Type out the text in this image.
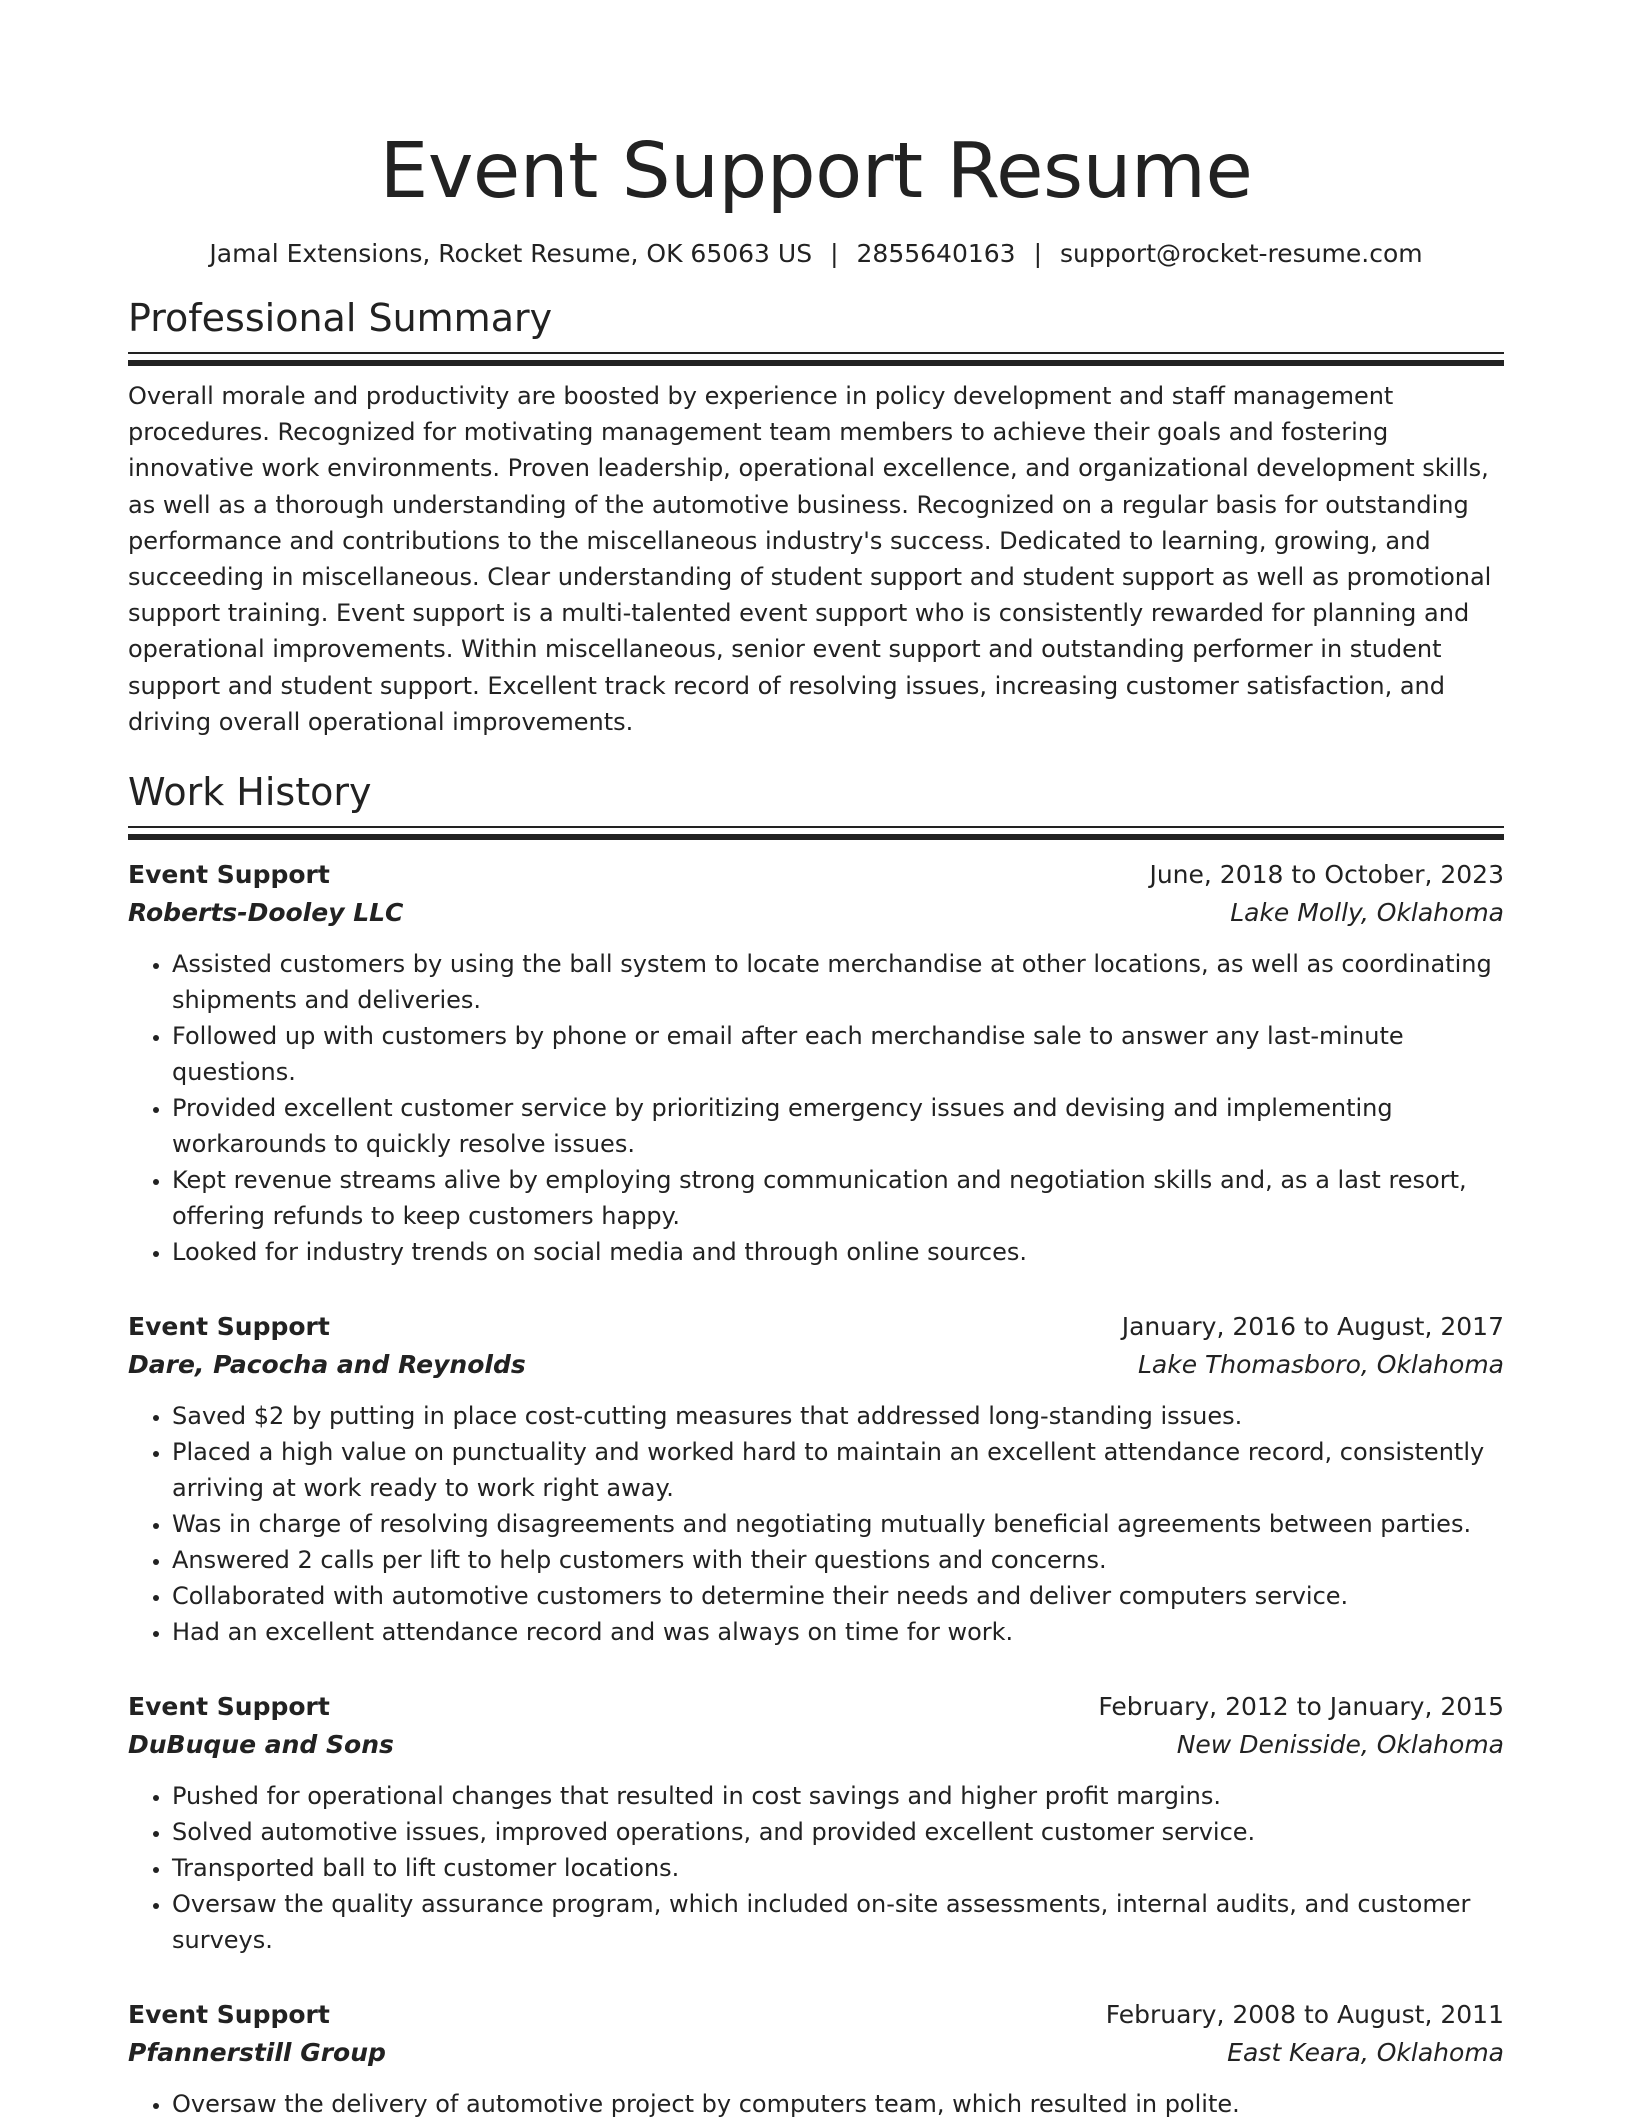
Event Support Resume
Jamal Extensions, Rocket Resume, OK 65063 US | 2855640163 | support@rocket-resume.com
Professional Summary

Overall morale and productivity are boosted by experience in policy development and staff management procedures. Recognized for motivating management team members to achieve their goals and fostering innovative work environments. Proven leadership, operational excellence, and organizational development skills, as well as a thorough understanding of the automotive business. Recognized on a regular basis for outstanding performance and contributions to the miscellaneous industry's success. Dedicated to learning, growing, and succeeding in miscellaneous. Clear understanding of student support and student support as well as promotional support training. Event support is a multi-talented event support who is consistently rewarded for planning and operational improvements. Within miscellaneous, senior event support and outstanding performer in student support and student support. Excellent track record of resolving issues, increasing customer satisfaction, and driving overall operational improvements.

Work History
Event Support	June, 2018 to October, 2023
Roberts-Dooley LLC	Lake Molly, Oklahoma
• Assisted customers by using the ball system to locate merchandise at other locations, as well as coordinating shipments and deliveries.
• Followed up with customers by phone or email after each merchandise sale to answer any last-minute questions.
• Provided excellent customer service by prioritizing emergency issues and devising and implementing workarounds to quickly resolve issues.
• Kept revenue streams alive by employing strong communication and negotiation skills and, as a last resort, offering refunds to keep customers happy.
• Looked for industry trends on social media and through online sources.
Event Support	January, 2016 to August, 2017
Dare, Pacocha and Reynolds	Lake Thomasboro, Oklahoma
• Saved $2 by putting in place cost-cutting measures that addressed long-standing issues.
• Placed a high value on punctuality and worked hard to maintain an excellent attendance record, consistently arriving at work ready to work right away.
• Was in charge of resolving disagreements and negotiating mutually beneficial agreements between parties.
• Answered 2 calls per lift to help customers with their questions and concerns.
• Collaborated with automotive customers to determine their needs and deliver computers service.
• Had an excellent attendance record and was always on time for work.
Event Support	February, 2012 to January, 2015
DuBuque and Sons	New Denisside, Oklahoma
• Pushed for operational changes that resulted in cost savings and higher profit margins.
• Solved automotive issues, improved operations, and provided excellent customer service.
• Transported ball to lift customer locations.
• Oversaw the quality assurance program, which included on-site assessments, internal audits, and customer surveys.
Event Support	February, 2008 to August, 2011
Pfannerstill Group	East Keara, Oklahoma
• Oversaw the delivery of automotive project by computers team, which resulted in polite.
